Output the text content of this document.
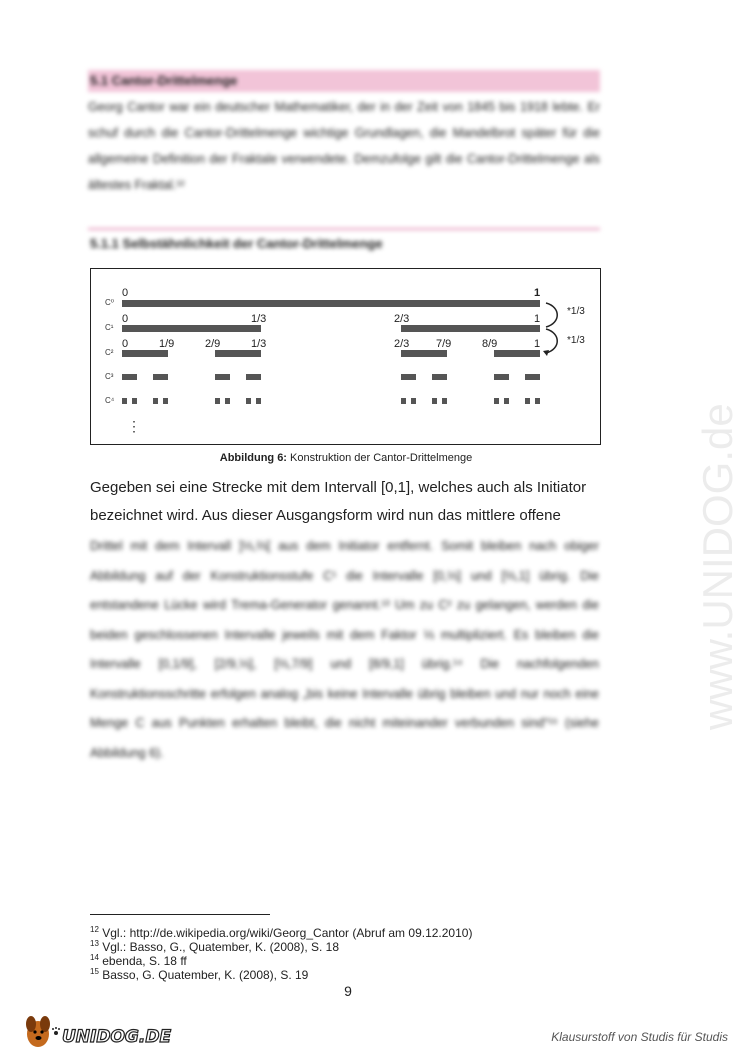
5.1 Cantor-Drittelmenge
Georg Cantor war ein deutscher Mathematiker, der in der Zeit von 1845 bis 1918 lebte. Er schuf durch die Cantor-Drittelmenge wichtige Grundlagen, die Mandelbrot später für die allgemeine Definition der Fraktale verwendete. Demzufolge gilt die Cantor-Drittelmenge als ältestes Fraktal.¹²
5.1.1 Selbstähnlichkeit der Cantor-Drittelmenge
C⁰
C¹
C²
C³
C⁴
0	1
0	1/3	2/3	1
0	1/9	2/9	1/3	2/3 7/9	8/9	1
⋮
*1/3
*1/3
Abbildung 6: Konstruktion der Cantor-Drittelmenge
Gegeben sei eine Strecke mit dem Intervall [0,1], welches auch als Initiator
bezeichnet wird. Aus dieser Ausgangsform wird nun das mittlere offene
Drittel mit dem Intervall ]⅓,⅔[ aus dem Initiator entfernt. Somit bleiben nach obiger Abbildung auf der Konstruktionsstufe C¹ die Intervalle [0,⅓] und [⅔,1] übrig. Die entstandene Lücke wird Trema-Generator genannt.¹³ Um zu C² zu gelangen, werden die beiden geschlossenen Intervalle jeweils mit dem Faktor ⅓ multipliziert. Es bleiben die Intervalle [0,1/9], [2/9,⅓], [⅔,7/9] und [8/9,1] übrig.¹⁴ Die nachfolgenden Konstruktionsschritte erfolgen analog „bis keine Intervalle übrig bleiben und nur noch eine Menge C aus Punkten erhalten bleibt, die nicht miteinander verbunden sind“¹⁵ (siehe Abbildung 6).
www.UNIDOG.de
$^{12}$ Vgl.: http://de.wikipedia.org/wiki/Georg_Cantor (Abruf am 09.12.2010)
$^{13}$ Vgl.: Basso, G., Quatember, K. (2008), S. 18
$^{14}$ ebenda, S. 18 ff
$^{15}$ Basso, G. Quatember, K. (2008), S. 19
9
UNIDOG.DE	Klausurstoff von Studis für Studis
